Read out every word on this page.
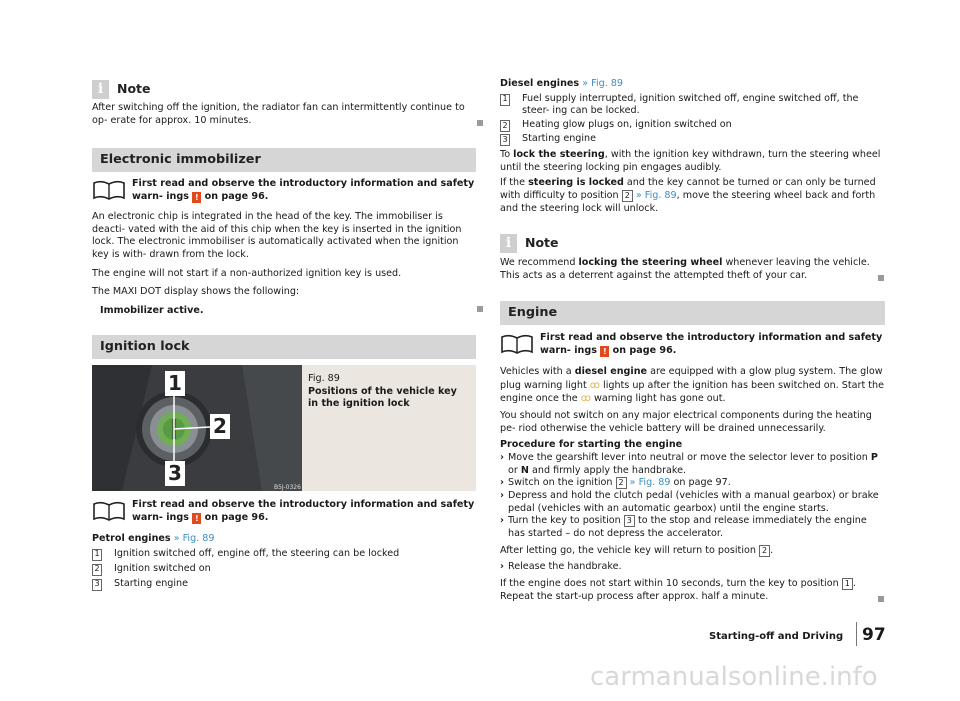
i	Note

After switching off the ignition, the radiator fan can intermittently continue to op- erate for approx. 10 minutes.

Electronic immobilizer
First read and observe the introductory information and safety warn- ings ! on page 96.

An electronic chip is integrated in the head of the key. The immobiliser is deacti- vated with the aid of this chip when the key is inserted in the ignition lock. The electronic immobiliser is automatically activated when the ignition key is with- drawn from the lock.

The engine will not start if a non-authorized ignition key is used.

The MAXI DOT display shows the following:

Immobilizer active.

Ignition lock
B5J-0326
1
2
3
Fig. 89
Positions of the vehicle key in the ignition lock
First read and observe the introductory information and safety warn- ings ! on page 96.

Petrol engines » Fig. 89

1 Ignition switched off, engine off, the steering can be locked
2 Ignition switched on
3 Starting engine

Diesel engines » Fig. 89

1 Fuel supply interrupted, ignition switched off, engine switched off, the steer- ing can be locked.
2 Heating glow plugs on, ignition switched on
3 Starting engine

To lock the steering, with the ignition key withdrawn, turn the steering wheel until the steering locking pin engages audibly.

If the steering is locked and the key cannot be turned or can only be turned with difficulty to position 2 » Fig. 89, move the steering wheel back and forth and the steering lock will unlock.

i	Note

We recommend locking the steering wheel whenever leaving the vehicle. This acts as a deterrent against the attempted theft of your car.

Engine
First read and observe the introductory information and safety warn- ings ! on page 96.

Vehicles with a diesel engine are equipped with a glow plug system. The glow plug warning light ꝏ lights up after the ignition has been switched on. Start the engine once the ꝏ warning light has gone out.

You should not switch on any major electrical components during the heating pe- riod otherwise the vehicle battery will be drained unnecessarily.

Procedure for starting the engine

› Move the gearshift lever into neutral or move the selector lever to position P or N and firmly apply the handbrake.
› Switch on the ignition 2 » Fig. 89 on page 97.
› Depress and hold the clutch pedal (vehicles with a manual gearbox) or brake pedal (vehicles with an automatic gearbox) until the engine starts.
› Turn the key to position 3 to the stop and release immediately the engine has started – do not depress the accelerator.

After letting go, the vehicle key will return to position 2 .

› Release the handbrake.

If the engine does not start within 10 seconds, turn the key to position 1 . Repeat the start-up process after approx. half a minute.

Starting-off and Driving 97
carmanualsonline.info
